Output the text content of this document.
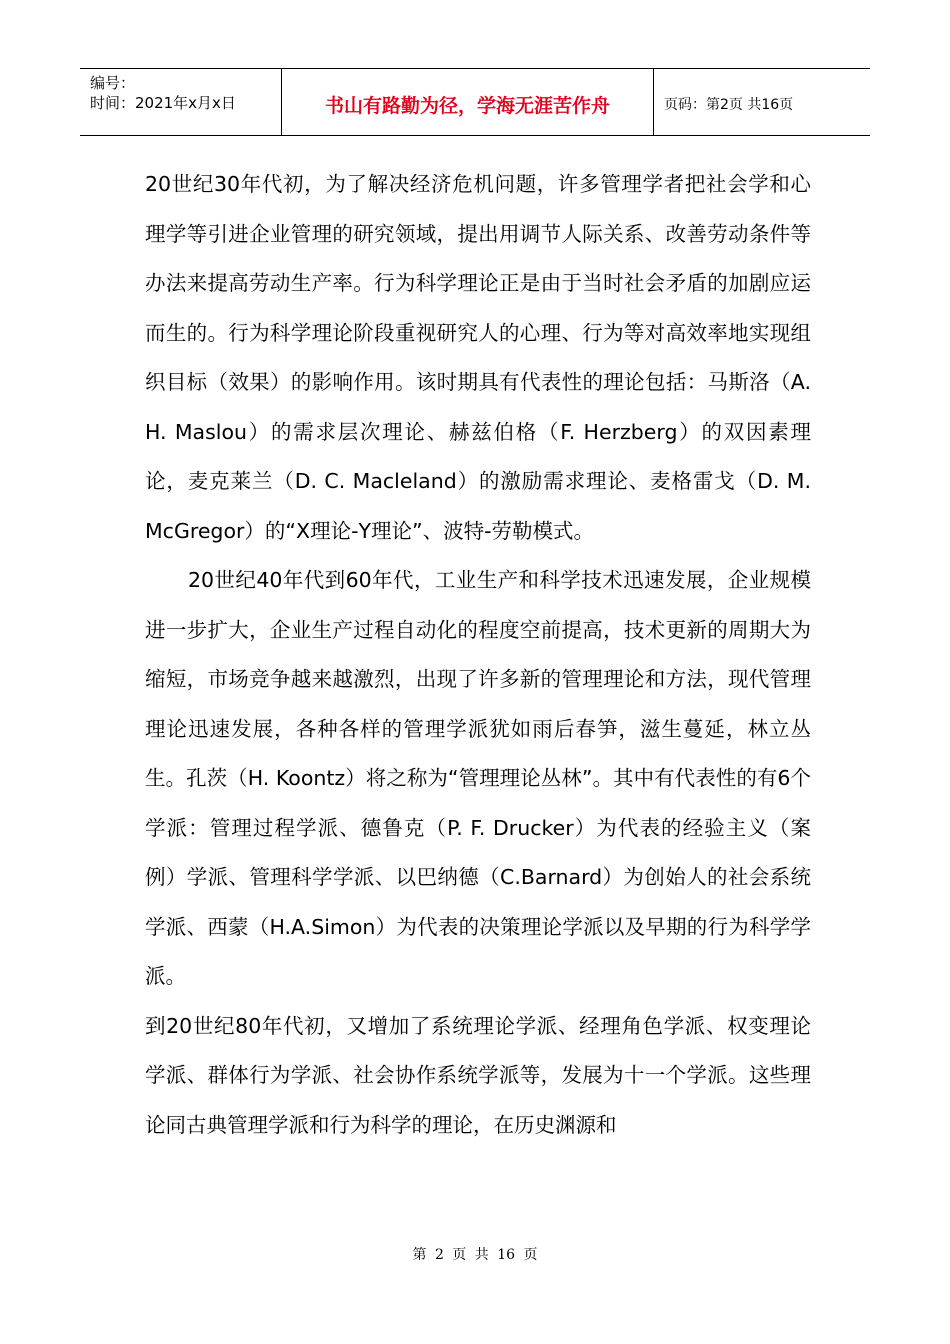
编号：
时间：2021年x月x日	书山有路勤为径，学海无涯苦作舟	页码：第2页 共16页

20世纪30年代初，为了解决经济危机问题，许多管理学者把社会学和心理学等引进企业管理的研究领域，提出用调节人际关系、改善劳动条件等办法来提高劳动生产率。行为科学理论正是由于当时社会矛盾的加剧应运而生的。行为科学理论阶段重视研究人的心理、行为等对高效率地实现组织目标（效果）的影响作用。该时期具有代表性的理论包括：马斯洛（A. H. Maslou）的需求层次理论、赫兹伯格（F. Herzberg）的双因素理论，麦克莱兰（D. C. Macleland）的激励需求理论、麦格雷戈（D. M. McGregor）的“X理论-Y理论”、波特-劳勒模式。

20世纪40年代到60年代，工业生产和科学技术迅速发展，企业规模进一步扩大，企业生产过程自动化的程度空前提高，技术更新的周期大为缩短，市场竞争越来越激烈，出现了许多新的管理理论和方法，现代管理理论迅速发展，各种各样的管理学派犹如雨后春笋，滋生蔓延，林立丛生。孔茨（H. Koontz）将之称为“管理理论丛林”。其中有代表性的有6个学派：管理过程学派、德鲁克（P. F. Drucker）为代表的经验主义（案例）学派、管理科学学派、以巴纳德（C.Barnard）为创始人的社会系统学派、西蒙（H.A.Simon）为代表的决策理论学派以及早期的行为科学学派。

到20世纪80年代初，又增加了系统理论学派、经理角色学派、权变理论学派、群体行为学派、社会协作系统学派等，发展为十一个学派。这些理论同古典管理学派和行为科学的理论，在历史渊源和

第 2 页 共 16 页
